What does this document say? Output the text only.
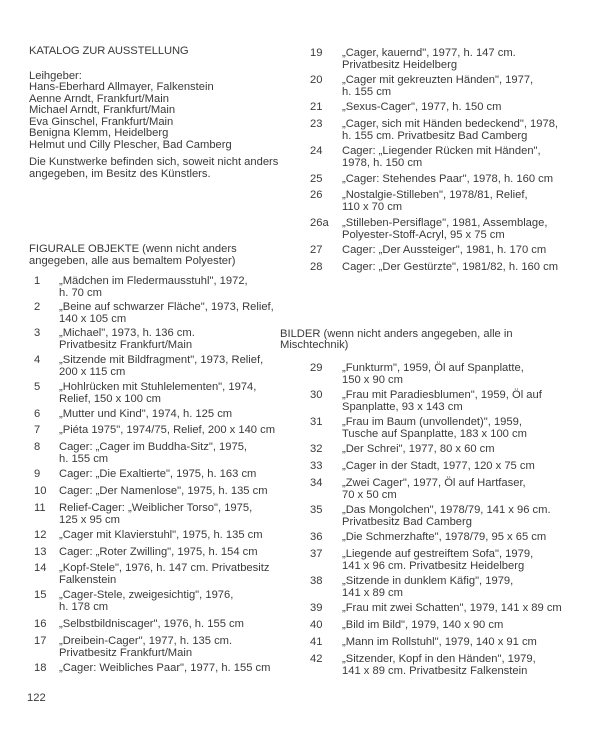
KATALOG ZUR AUSSTELLUNG
Leihgeber:
Hans-Eberhard Allmayer, Falkenstein
Aenne Arndt, Frankfurt/Main
Michael Arndt, Frankfurt/Main
Eva Ginschel, Frankfurt/Main
Benigna Klemm, Heidelberg
Helmut und Cilly Plescher, Bad Camberg
Die Kunstwerke befinden sich, soweit nicht anders
angegeben, im Besitz des Künstlers.
FIGURALE OBJEKTE (wenn nicht anders
angegeben, alle aus bemaltem Polyester)
1 „Mädchen im Fledermausstuhl", 1972,
h. 70 cm
2 „Beine auf schwarzer Fläche", 1973, Relief,
140 x 105 cm
3 „Michael", 1973, h. 136 cm.
Privatbesitz Frankfurt/Main
4 „Sitzende mit Bildfragment", 1973, Relief,
200 x 115 cm
5 „Hohlrücken mit Stuhlelementen", 1974,
Relief, 150 x 100 cm
6 „Mutter und Kind", 1974, h. 125 cm
7 „Piéta 1975", 1974/75, Relief, 200 x 140 cm
8 Cager: „Cager im Buddha-Sitz", 1975,
h. 155 cm
9 Cager: „Die Exaltierte", 1975, h. 163 cm
10 Cager: „Der Namenlose", 1975, h. 135 cm
11 Relief-Cager: „Weiblicher Torso", 1975,
125 x 95 cm
12 „Cager mit Klavierstuhl", 1975, h. 135 cm
13 Cager: „Roter Zwilling", 1975, h. 154 cm
14 „Kopf-Stele", 1976, h. 147 cm. Privatbesitz
Falkenstein
15 „Cager-Stele, zweigesichtig", 1976,
h. 178 cm
16 „Selbstbildniscager", 1976, h. 155 cm
17 „Dreibein-Cager", 1977, h. 135 cm.
Privatbesitz Frankfurt/Main
18 „Cager: Weibliches Paar", 1977, h. 155 cm
122
19 „Cager, kauernd", 1977, h. 147 cm.
Privatbesitz Heidelberg
20 „Cager mit gekreuzten Händen", 1977,
h. 155 cm
21 „Sexus-Cager", 1977, h. 150 cm
23 „Cager, sich mit Händen bedeckend", 1978,
h. 155 cm. Privatbesitz Bad Camberg
24 Cager: „Liegender Rücken mit Händen",
1978, h. 150 cm
25 „Cager: Stehendes Paar", 1978, h. 160 cm
26 „Nostalgie-Stilleben", 1978/81, Relief,
110 x 70 cm
26a „Stilleben-Persiflage", 1981, Assemblage,
Polyester-Stoff-Acryl, 95 x 75 cm
27 Cager: „Der Aussteiger", 1981, h. 170 cm
28 Cager: „Der Gestürzte", 1981/82, h. 160 cm
BILDER (wenn nicht anders angegeben, alle in
Mischtechnik)
29 „Funkturm", 1959, Öl auf Spanplatte,
150 x 90 cm
30 „Frau mit Paradiesblumen", 1959, Öl auf
Spanplatte, 93 x 143 cm
31 „Frau im Baum (unvollendet)", 1959,
Tusche auf Spanplatte, 183 x 100 cm
32 „Der Schrei", 1977, 80 x 60 cm
33 „Cager in der Stadt, 1977, 120 x 75 cm
34 „Zwei Cager", 1977, Öl auf Hartfaser,
70 x 50 cm
35 „Das Mongolchen", 1978/79, 141 x 96 cm.
Privatbesitz Bad Camberg
36 „Die Schmerzhafte", 1978/79, 95 x 65 cm
37 „Liegende auf gestreiftem Sofa", 1979,
141 x 96 cm. Privatbesitz Heidelberg
38 „Sitzende in dunklem Käfig", 1979,
141 x 89 cm
39 „Frau mit zwei Schatten", 1979, 141 x 89 cm
40 „Bild im Bild", 1979, 140 x 90 cm
41 „Mann im Rollstuhl", 1979, 140 x 91 cm
42 „Sitzender, Kopf in den Händen", 1979,
141 x 89 cm. Privatbesitz Falkenstein
